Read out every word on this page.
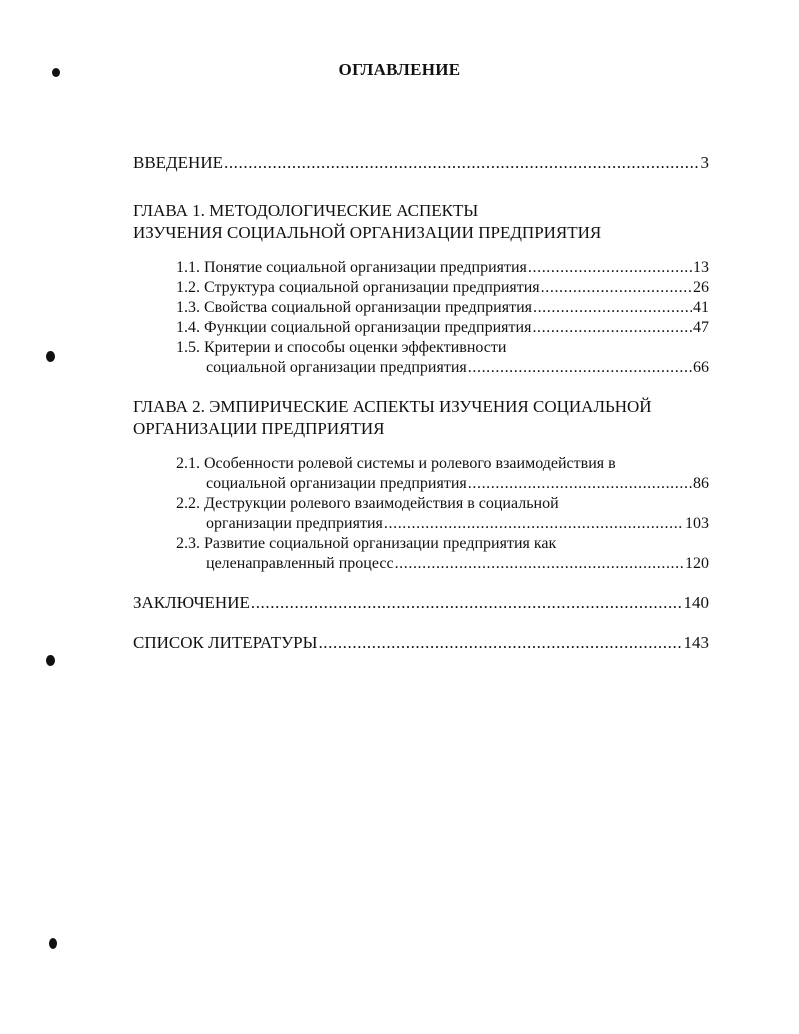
ОГЛАВЛЕНИЕ
ВВЕДЕНИЕ .....	3
ГЛАВА 1. МЕТОДОЛОГИЧЕСКИЕ АСПЕКТЫ
ИЗУЧЕНИЯ СОЦИАЛЬНОЙ ОРГАНИЗАЦИИ ПРЕДПРИЯТИЯ
1.1. Понятие социальной организации предприятия .....	13
1.2. Структура социальной организации предприятия .....	26
1.3. Свойства социальной организации предприятия .....	41
1.4. Функции социальной организации предприятия .....	47
1.5. Критерии и способы оценки эффективности
социальной организации предприятия .....	66
ГЛАВА 2. ЭМПИРИЧЕСКИЕ АСПЕКТЫ ИЗУЧЕНИЯ СОЦИАЛЬНОЙ
ОРГАНИЗАЦИИ ПРЕДПРИЯТИЯ
2.1. Особенности ролевой системы и ролевого взаимодействия в
социальной организации предприятия .....	86
2.2. Деструкции ролевого взаимодействия в социальной
организации предприятия .....	103
2.3. Развитие социальной организации предприятия как
целенаправленный процесс .....	120
ЗАКЛЮЧЕНИЕ .....	140
СПИСОК ЛИТЕРАТУРЫ .....	143
